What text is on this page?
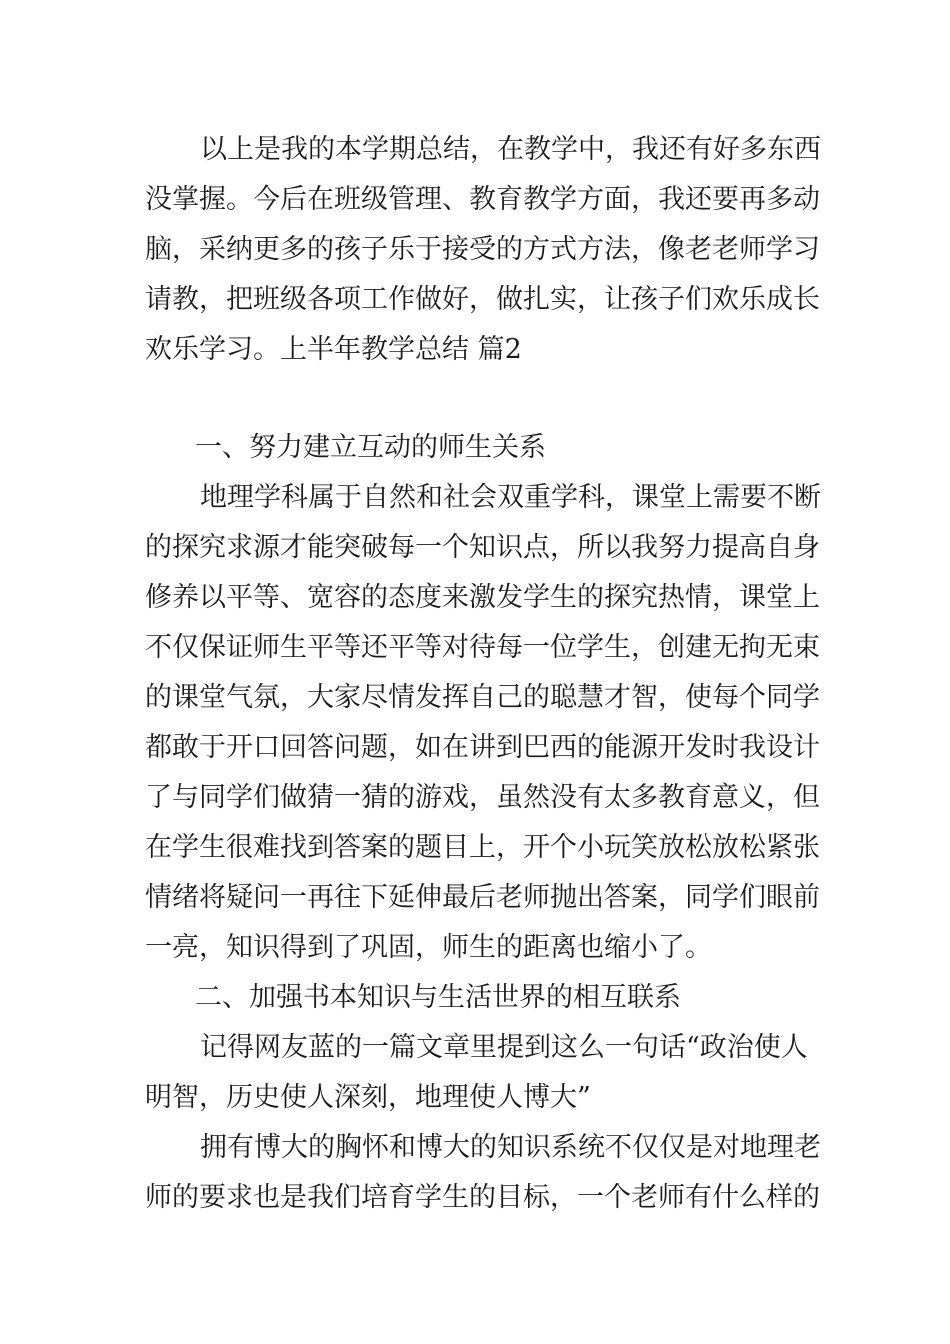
以上是我的本学期总结，在教学中，我还有好多东西
没掌握。今后在班级管理、教育教学方面，我还要再多动
脑，采纳更多的孩子乐于接受的方式方法，像老老师学习
请教，把班级各项工作做好，做扎实，让孩子们欢乐成长
欢乐学习。上半年教学总结 篇2
一、努力建立互动的师生关系
地理学科属于自然和社会双重学科，课堂上需要不断
的探究求源才能突破每一个知识点，所以我努力提高自身
修养以平等、宽容的态度来激发学生的探究热情，课堂上
不仅保证师生平等还平等对待每一位学生，创建无拘无束
的课堂气氛，大家尽情发挥自己的聪慧才智，使每个同学
都敢于开口回答问题，如在讲到巴西的能源开发时我设计
了与同学们做猜一猜的游戏，虽然没有太多教育意义，但
在学生很难找到答案的题目上，开个小玩笑放松放松紧张
情绪将疑问一再往下延伸最后老师抛出答案，同学们眼前
一亮，知识得到了巩固，师生的距离也缩小了。
二、加强书本知识与生活世界的相互联系
记得网友蓝的一篇文章里提到这么一句话“政治使人
明智，历史使人深刻，地理使人博大”
拥有博大的胸怀和博大的知识系统不仅仅是对地理老
师的要求也是我们培育学生的目标，一个老师有什么样的
